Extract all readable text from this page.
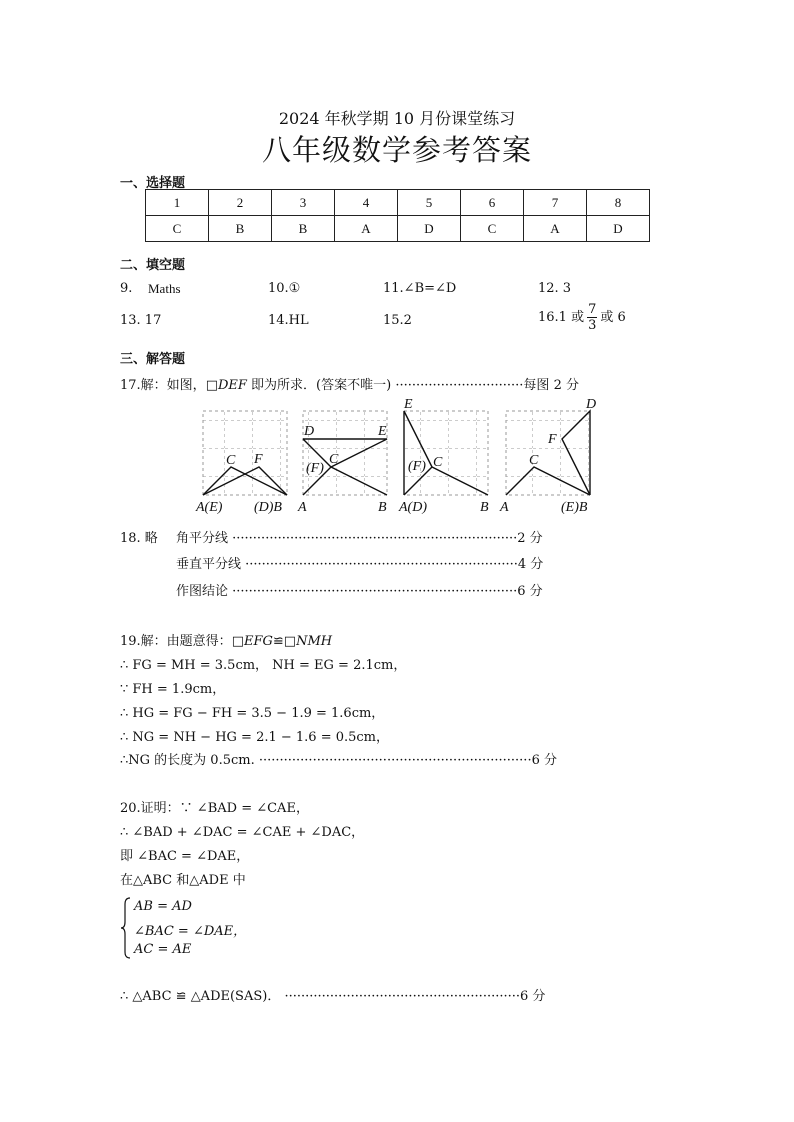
2024 年秋学期 10 月份课堂练习
八年级数学参考答案
一、选择题
1	2	3	4	5	6	7	8
C	B	B	A	D	C	A	D
二、填空题
9. Maths	10.①	11.∠B=∠D	12. 3
13. 17	14.HL	15.2	16.1 或 $\frac{7}{3}$ 或 6
三、解答题
17.解：如图，□DEF 即为所求．(答案不唯一) ·······························每图 2 分
C F
A(E) (D)B
D	E
C
(F)
A	B
E
C
(F)
A(D)	B
D
F
C
A	(E)B
18. 略 角平分线 ·····································································2 分
垂直平分线 ··································································4 分
作图结论 ·····································································6 分
19.解：由题意得：□EFG≌□NMH
∴ FG = MH = 3.5cm， NH = EG = 2.1cm，
∵ FH = 1.9cm，
∴ HG = FG − FH = 3.5 − 1.9 = 1.6cm，
∴ NG = NH − HG = 2.1 − 1.6 = 0.5cm，
∴NG 的长度为 0.5cm. ··································································6 分
20.证明：∵ ∠BAD = ∠CAE，
∴ ∠BAD + ∠DAC = ∠CAE + ∠DAC，
即 ∠BAC = ∠DAE，
在△ABC 和△ADE 中
AB = AD
∠BAC = ∠DAE，
AC = AE
∴ △ABC ≌ △ADE(SAS)． ·························································6 分
